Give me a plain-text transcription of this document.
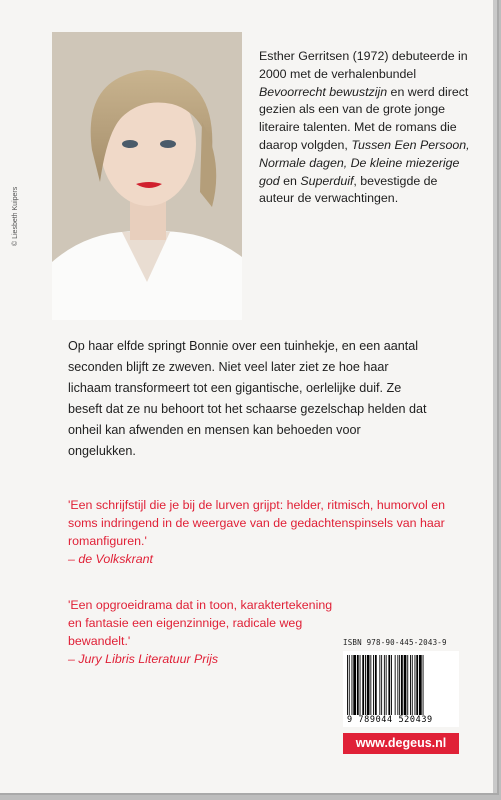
© Liesbeth Kuipers

Esther Gerritsen (1972) debuteerde in 2000 met de verhalenbundel Bevoorrecht bewustzijn en werd direct gezien als een van de grote jonge literaire talenten. Met de romans die daarop volgden, Tussen Een Persoon, Normale dagen, De kleine miezerige god en Superduif, bevestigde de auteur de verwachtingen.

Op haar elfde springt Bonnie over een tuinhekje, en een aantal seconden blijft ze zweven. Niet veel later ziet ze hoe haar lichaam transformeert tot een gigantische, oerlelijke duif. Ze beseft dat ze nu behoort tot het schaarse gezelschap helden dat onheil kan afwenden en mensen kan behoeden voor ongelukken.

'Een schrijfstijl die je bij de lurven grijpt: helder, ritmisch, humorvol en soms indringend in de weergave van de gedachtenspinsels van haar romanfiguren.'
– de Volkskrant
'Een opgroeidrama dat in toon, karaktertekening en fantasie een eigenzinnige, radicale weg bewandelt.'
– Jury Libris Literatuur Prijs
ISBN 978-90-445-2043-9
9 789044 520439
www.degeus.nl
